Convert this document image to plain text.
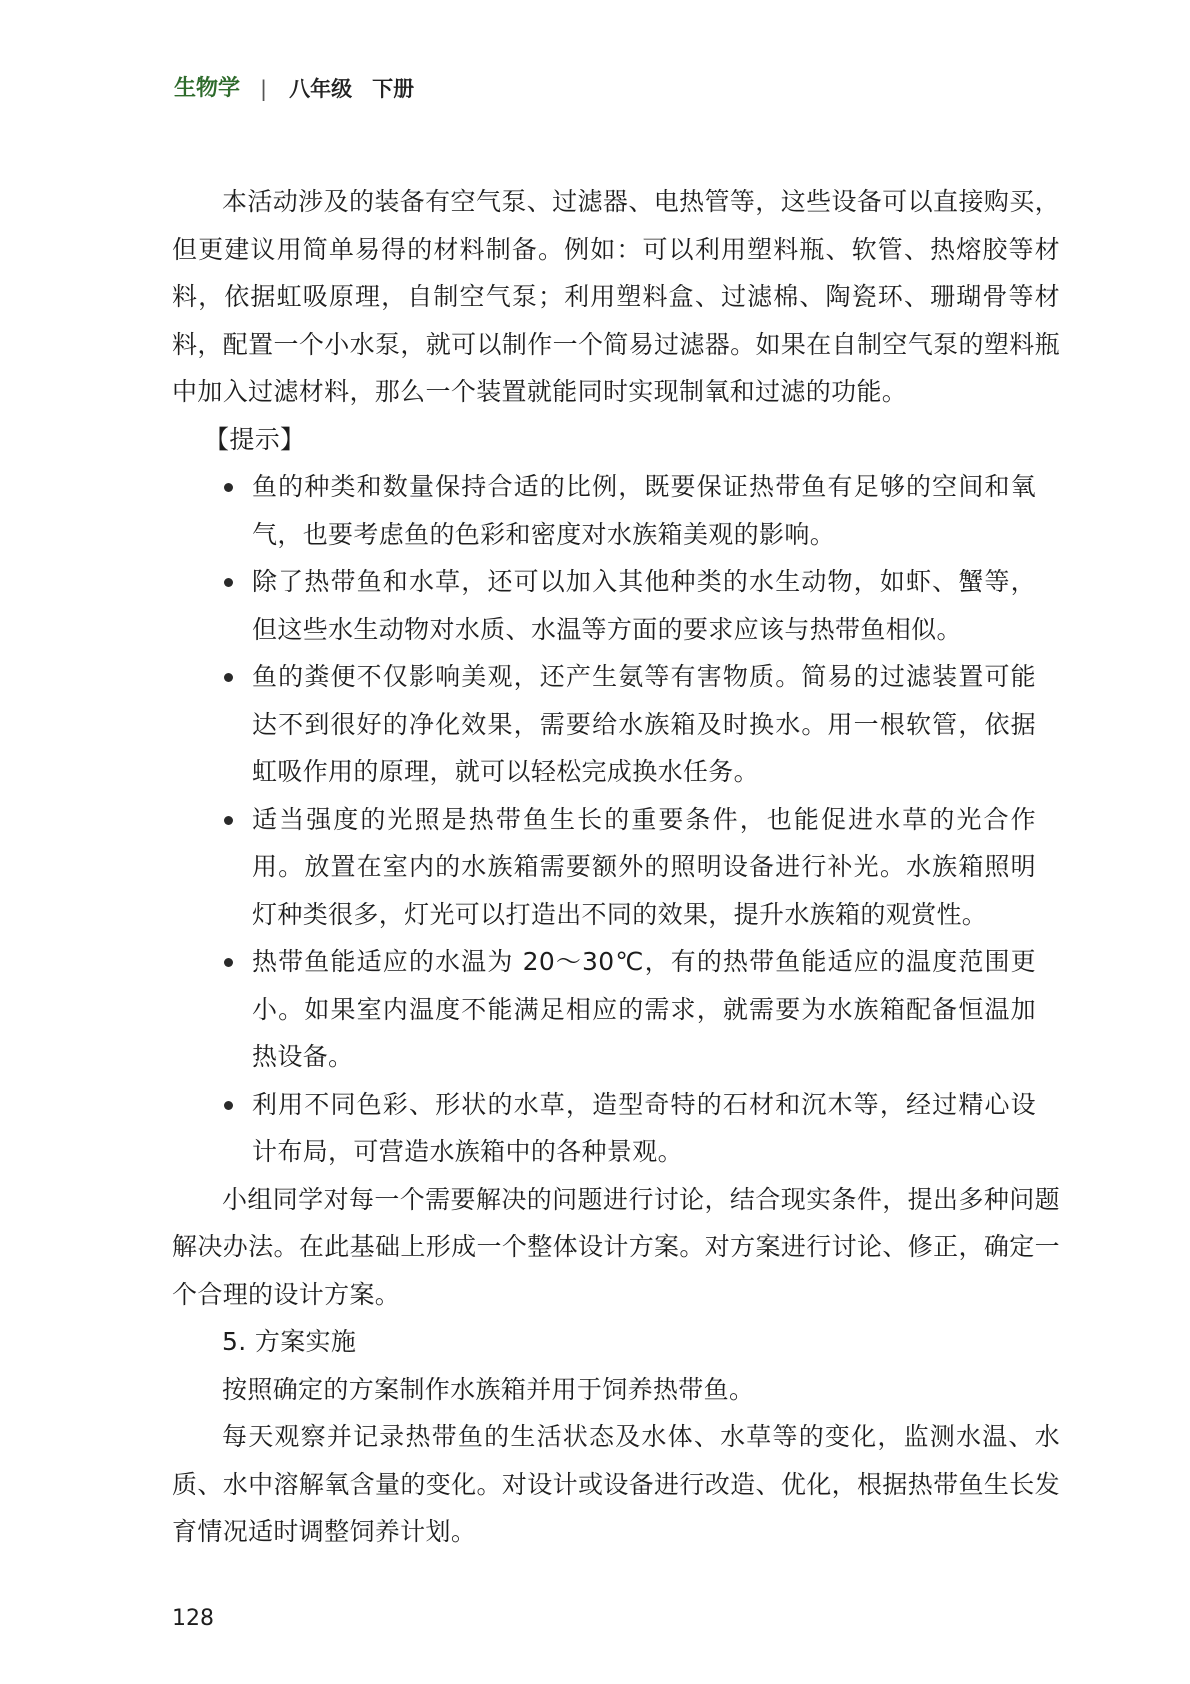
生物学 | 八年级 下册

本活动涉及的装备有空气泵、过滤器、电热管等，这些设备可以直接购买，但更建议用简单易得的材料制备。例如：可以利用塑料瓶、软管、热熔胶等材料，依据虹吸原理，自制空气泵；利用塑料盒、过滤棉、陶瓷环、珊瑚骨等材料，配置一个小水泵，就可以制作一个简易过滤器。如果在自制空气泵的塑料瓶中加入过滤材料，那么一个装置就能同时实现制氧和过滤的功能。

【提示】

鱼的种类和数量保持合适的比例，既要保证热带鱼有足够的空间和氧气，也要考虑鱼的色彩和密度对水族箱美观的影响。
除了热带鱼和水草，还可以加入其他种类的水生动物，如虾、蟹等，但这些水生动物对水质、水温等方面的要求应该与热带鱼相似。
鱼的粪便不仅影响美观，还产生氨等有害物质。简易的过滤装置可能达不到很好的净化效果，需要给水族箱及时换水。用一根软管，依据虹吸作用的原理，就可以轻松完成换水任务。
适当强度的光照是热带鱼生长的重要条件，也能促进水草的光合作用。放置在室内的水族箱需要额外的照明设备进行补光。水族箱照明灯种类很多，灯光可以打造出不同的效果，提升水族箱的观赏性。
热带鱼能适应的水温为 20～30℃，有的热带鱼能适应的温度范围更小。如果室内温度不能满足相应的需求，就需要为水族箱配备恒温加热设备。
利用不同色彩、形状的水草，造型奇特的石材和沉木等，经过精心设计布局，可营造水族箱中的各种景观。

小组同学对每一个需要解决的问题进行讨论，结合现实条件，提出多种问题解决办法。在此基础上形成一个整体设计方案。对方案进行讨论、修正，确定一个合理的设计方案。

5. 方案实施

按照确定的方案制作水族箱并用于饲养热带鱼。

每天观察并记录热带鱼的生活状态及水体、水草等的变化，监测水温、水质、水中溶解氧含量的变化。对设计或设备进行改造、优化，根据热带鱼生长发育情况适时调整饲养计划。

128
